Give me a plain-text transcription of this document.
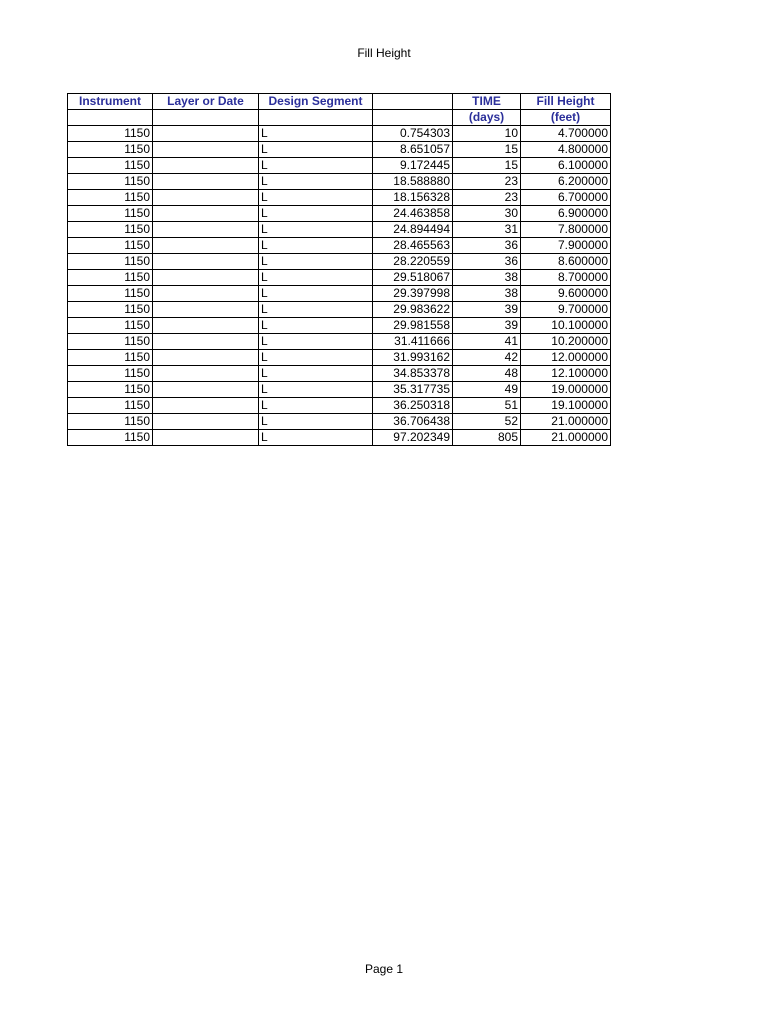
Fill Height
Instrument	Layer or Date	Design Segment		TIME	Fill Height
				(days)	(feet)
1150		L	0.754303	10	4.700000
1150		L	8.651057	15	4.800000
1150		L	9.172445	15	6.100000
1150		L	18.588880	23	6.200000
1150		L	18.156328	23	6.700000
1150		L	24.463858	30	6.900000
1150		L	24.894494	31	7.800000
1150		L	28.465563	36	7.900000
1150		L	28.220559	36	8.600000
1150		L	29.518067	38	8.700000
1150		L	29.397998	38	9.600000
1150		L	29.983622	39	9.700000
1150		L	29.981558	39	10.100000
1150		L	31.411666	41	10.200000
1150		L	31.993162	42	12.000000
1150		L	34.853378	48	12.100000
1150		L	35.317735	49	19.000000
1150		L	36.250318	51	19.100000
1150		L	36.706438	52	21.000000
1150		L	97.202349	805	21.000000
Page 1
